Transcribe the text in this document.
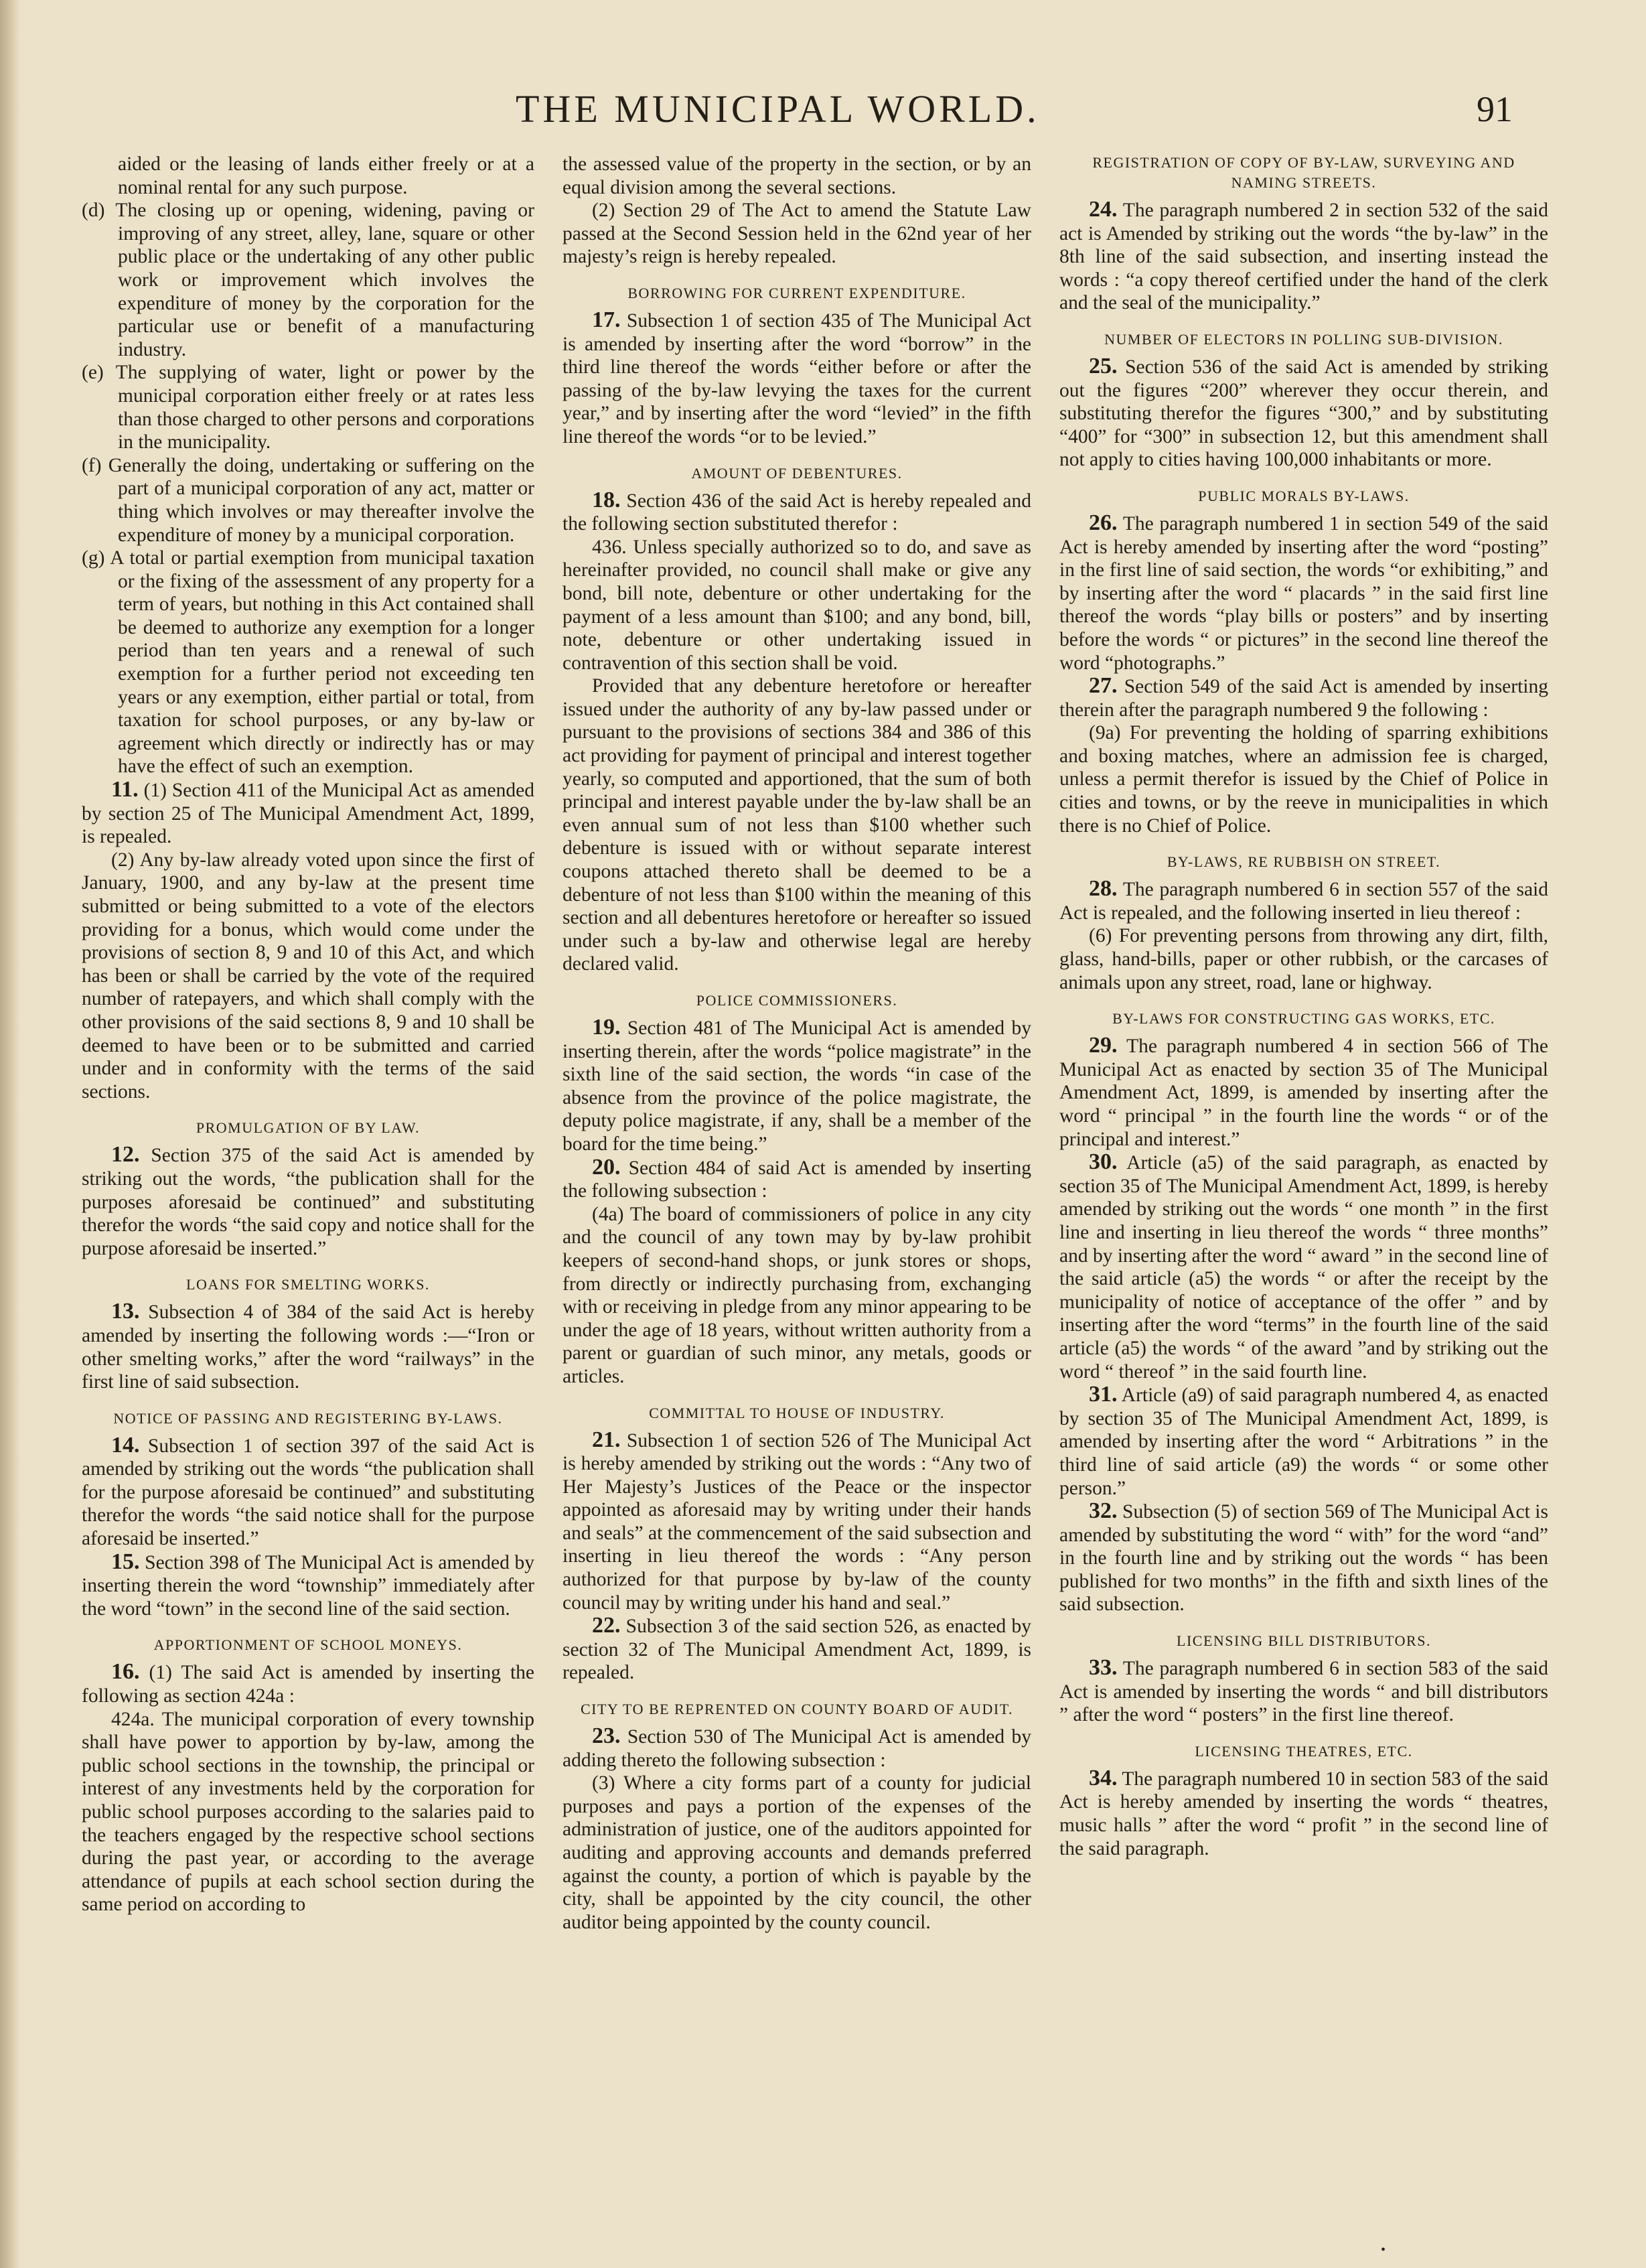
THE MUNICIPAL WORLD.	91

aided or the leasing of lands either freely or at a nominal rental for any such purpose.

(d) The closing up or opening, widening, paving or improving of any street, alley, lane, square or other public place or the undertaking of any other public work or improvement which involves the expenditure of money by the corporation for the particular use or benefit of a manufacturing industry.

(e) The supplying of water, light or power by the municipal corporation either freely or at rates less than those charged to other persons and corporations in the municipality.

(f) Generally the doing, undertaking or suffering on the part of a municipal corporation of any act, matter or thing which involves or may thereafter involve the expenditure of money by a municipal corporation.

(g) A total or partial exemption from municipal taxation or the fixing of the assessment of any property for a term of years, but nothing in this Act contained shall be deemed to authorize any exemption for a longer period than ten years and a renewal of such exemption for a further period not exceeding ten years or any exemption, either partial or total, from taxation for school purposes, or any by-law or agreement which directly or indirectly has or may have the effect of such an exemption.

11. (1) Section 411 of the Municipal Act as amended by section 25 of The Municipal Amendment Act, 1899, is repealed.

(2) Any by-law already voted upon since the first of January, 1900, and any by-law at the present time submitted or being submitted to a vote of the electors providing for a bonus, which would come under the provisions of section 8, 9 and 10 of this Act, and which has been or shall be carried by the vote of the required number of ratepayers, and which shall comply with the other provisions of the said sections 8, 9 and 10 shall be deemed to have been or to be submitted and carried under and in conformity with the terms of the said sections.

PROMULGATION OF BY LAW.

12. Section 375 of the said Act is amended by striking out the words, “the publication shall for the purposes aforesaid be continued” and substituting therefor the words “the said copy and notice shall for the purpose aforesaid be inserted.”

LOANS FOR SMELTING WORKS.

13. Subsection 4 of 384 of the said Act is hereby amended by inserting the following words :—“Iron or other smelting works,” after the word “railways” in the first line of said subsection.

NOTICE OF PASSING AND REGISTERING BY-LAWS.

14. Subsection 1 of section 397 of the said Act is amended by striking out the words “the publication shall for the purpose aforesaid be continued” and substituting therefor the words “the said notice shall for the purpose aforesaid be inserted.”

15. Section 398 of The Municipal Act is amended by inserting therein the word “township” immediately after the word “town” in the second line of the said section.

APPORTIONMENT OF SCHOOL MONEYS.

16. (1) The said Act is amended by inserting the following as section 424a :

424a. The municipal corporation of every township shall have power to apportion by by-law, among the public school sections in the township, the principal or interest of any investments held by the corporation for public school purposes according to the salaries paid to the teachers engaged by the respective school sections during the past year, or according to the average attendance of pupils at each school section during the same period on according to

the assessed value of the property in the section, or by an equal division among the several sections.

(2) Section 29 of The Act to amend the Statute Law passed at the Second Session held in the 62nd year of her majesty’s reign is hereby repealed.

BORROWING FOR CURRENT EXPENDITURE.

17. Subsection 1 of section 435 of The Municipal Act is amended by inserting after the word “borrow” in the third line thereof the words “either before or after the passing of the by-law levying the taxes for the current year,” and by inserting after the word “levied” in the fifth line thereof the words “or to be levied.”

AMOUNT OF DEBENTURES.

18. Section 436 of the said Act is hereby repealed and the following section substituted therefor :

436. Unless specially authorized so to do, and save as hereinafter provided, no council shall make or give any bond, bill note, debenture or other undertaking for the payment of a less amount than $100; and any bond, bill, note, debenture or other undertaking issued in contravention of this section shall be void.

Provided that any debenture heretofore or hereafter issued under the authority of any by-law passed under or pursuant to the provisions of sections 384 and 386 of this act providing for payment of principal and interest together yearly, so computed and apportioned, that the sum of both principal and interest payable under the by-law shall be an even annual sum of not less than $100 whether such debenture is issued with or without separate interest coupons attached thereto shall be deemed to be a debenture of not less than $100 within the meaning of this section and all debentures heretofore or hereafter so issued under such a by-law and otherwise legal are hereby declared valid.

POLICE COMMISSIONERS.

19. Section 481 of The Municipal Act is amended by inserting therein, after the words “police magistrate” in the sixth line of the said section, the words “in case of the absence from the province of the police magistrate, the deputy police magistrate, if any, shall be a member of the board for the time being.”

20. Section 484 of said Act is amended by inserting the following subsection :

(4a) The board of commissioners of police in any city and the council of any town may by by-law prohibit keepers of second-hand shops, or junk stores or shops, from directly or indirectly purchasing from, exchanging with or receiving in pledge from any minor appearing to be under the age of 18 years, without written authority from a parent or guardian of such minor, any metals, goods or articles.

COMMITTAL TO HOUSE OF INDUSTRY.

21. Subsection 1 of section 526 of The Municipal Act is hereby amended by striking out the words : “Any two of Her Majesty’s Justices of the Peace or the inspector appointed as aforesaid may by writing under their hands and seals” at the commencement of the said subsection and inserting in lieu thereof the words : “Any person authorized for that purpose by by-law of the county council may by writing under his hand and seal.”

22. Subsection 3 of the said section 526, as enacted by section 32 of The Municipal Amendment Act, 1899, is repealed.

CITY TO BE REPRENTED ON COUNTY BOARD OF AUDIT.

23. Section 530 of The Municipal Act is amended by adding thereto the following subsection :

(3) Where a city forms part of a county for judicial purposes and pays a portion of the expenses of the administration of justice, one of the auditors appointed for auditing and approving accounts and demands preferred against the county, a portion of which is payable by the city, shall be appointed by the city council, the other auditor being appointed by the county council.

REGISTRATION OF COPY OF BY-LAW, SURVEYING AND NAMING STREETS.

24. The paragraph numbered 2 in section 532 of the said act is Amended by striking out the words “the by-law” in the 8th line of the said subsection, and inserting instead the words : “a copy thereof certified under the hand of the clerk and the seal of the municipality.”

NUMBER OF ELECTORS IN POLLING SUB-DIVISION.

25. Section 536 of the said Act is amended by striking out the figures “200” wherever they occur therein, and substituting therefor the figures “300,” and by substituting “400” for “300” in subsection 12, but this amendment shall not apply to cities having 100,000 inhabitants or more.

PUBLIC MORALS BY-LAWS.

26. The paragraph numbered 1 in section 549 of the said Act is hereby amended by inserting after the word “posting” in the first line of said section, the words “or exhibiting,” and by inserting after the word “ placards ” in the said first line thereof the words “play bills or posters” and by inserting before the words “ or pictures” in the second line thereof the word “photographs.”

27. Section 549 of the said Act is amended by inserting therein after the paragraph numbered 9 the following :

(9a) For preventing the holding of sparring exhibitions and boxing matches, where an admission fee is charged, unless a permit therefor is issued by the Chief of Police in cities and towns, or by the reeve in municipalities in which there is no Chief of Police.

BY-LAWS, RE RUBBISH ON STREET.

28. The paragraph numbered 6 in section 557 of the said Act is repealed, and the following inserted in lieu thereof :

(6) For preventing persons from throwing any dirt, filth, glass, hand-bills, paper or other rubbish, or the carcases of animals upon any street, road, lane or highway.

BY-LAWS FOR CONSTRUCTING GAS WORKS, ETC.

29. The paragraph numbered 4 in section 566 of The Municipal Act as enacted by section 35 of The Municipal Amendment Act, 1899, is amended by inserting after the word “ principal ” in the fourth line the words “ or of the principal and interest.”

30. Article (a5) of the said paragraph, as enacted by section 35 of The Municipal Amendment Act, 1899, is hereby amended by striking out the words “ one month ” in the first line and inserting in lieu thereof the words “ three months” and by inserting after the word “ award ” in the second line of the said article (a5) the words “ or after the receipt by the municipality of notice of acceptance of the offer ” and by inserting after the word “terms” in the fourth line of the said article (a5) the words “ of the award ”and by striking out the word “ thereof ” in the said fourth line.

31. Article (a9) of said paragraph numbered 4, as enacted by section 35 of The Municipal Amendment Act, 1899, is amended by inserting after the word “ Arbitrations ” in the third line of said article (a9) the words “ or some other person.”

32. Subsection (5) of section 569 of The Municipal Act is amended by substituting the word “ with” for the word “and” in the fourth line and by striking out the words “ has been published for two months” in the fifth and sixth lines of the said subsection.

LICENSING BILL DISTRIBUTORS.

33. The paragraph numbered 6 in section 583 of the said Act is amended by inserting the words “ and bill distributors ” after the word “ posters” in the first line thereof.

LICENSING THEATRES, ETC.

34. The paragraph numbered 10 in section 583 of the said Act is hereby amended by inserting the words “ theatres, music halls ” after the word “ profit ” in the second line of the said paragraph.

•
